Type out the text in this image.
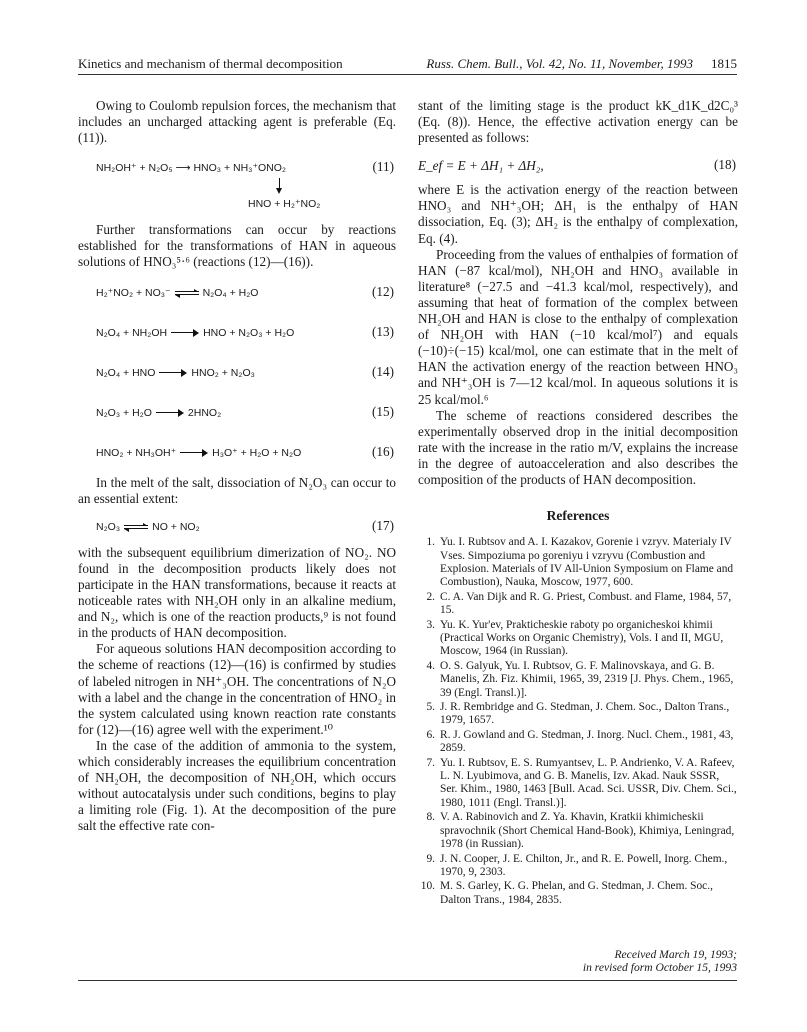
Kinetics and mechanism of thermal decomposition	Russ. Chem. Bull., Vol. 42, No. 11, November, 1993 1815

Owing to Coulomb repulsion forces, the mechanism that includes an uncharged attacking agent is preferable (Eq. (11)).

NH₂OH⁺ + N₂O₅ ⟶ HNO₃ + NH₃⁺ONO₂	(11)
HNO + H₂⁺NO₂

Further transformations can occur by reactions established for the transformations of HAN in aqueous solutions of HNO₃⁵·⁶ (reactions (12)—(16)).

H₂⁺NO₂ + NO₃⁻ ⇌ N₂O₄ + H₂O	(12)
N₂O₄ + NH₂OH	HNO + N₂O₃ + H₂O	(13)
N₂O₄ + HNO	HNO₂ + N₂O₃	(14)
N₂O₃ + H₂O	2HNO₂	(15)
HNO₂ + NH₃OH⁺	H₃O⁺ + H₂O + N₂O	(16)

In the melt of the salt, dissociation of N₂O₃ can occur to an essential extent:

N₂O₃ ⇌ NO + NO₂	(17)

with the subsequent equilibrium dimerization of NO₂. NO found in the decomposition products likely does not participate in the HAN transformations, because it reacts at noticeable rates with NH₂OH only in an alkaline medium, and N₂, which is one of the reaction products,⁹ is not found in the products of HAN decomposition.

For aqueous solutions HAN decomposition according to the scheme of reactions (12)—(16) is confirmed by studies of labeled nitrogen in NH⁺₃OH. The concentrations of N₂O with a label and the change in the concentration of HNO₂ in the system calculated using known reaction rate constants for (12)—(16) agree well with the experiment.¹⁰

In the case of the addition of ammonia to the system, which considerably increases the equilibrium concentration of NH₂OH, the decomposition of NH₂OH, which occurs without autocatalysis under such conditions, begins to play a limiting role (Fig. 1). At the decomposition of the pure salt the effective rate con-

stant of the limiting stage is the product kK_d1K_d2C₀³ (Eq. (8)). Hence, the effective activation energy can be presented as follows:

E_ef = E + ΔH₁ + ΔH₂,	(18)

where E is the activation energy of the reaction between HNO₃ and NH⁺₃OH; ΔH₁ is the enthalpy of HAN dissociation, Eq. (3); ΔH₂ is the enthalpy of complexation, Eq. (4).

Proceeding from the values of enthalpies of formation of HAN (−87 kcal/mol), NH₂OH and HNO₃ available in literature⁸ (−27.5 and −41.3 kcal/mol, respectively), and assuming that heat of formation of the complex between NH₂OH and HAN is close to the enthalpy of complexation of NH₂OH with HAN (−10 kcal/mol⁷) and equals (−10)÷(−15) kcal/mol, one can estimate that in the melt of HAN the activation energy of the reaction between HNO₃ and NH⁺₃OH is 7—12 kcal/mol. In aqueous solutions it is 25 kcal/mol.⁶

The scheme of reactions considered describes the experimentally observed drop in the initial decomposition rate with the increase in the ratio m/V, explains the increase in the degree of autoacceleration and also describes the composition of the products of HAN decomposition.

References
1. Yu. I. Rubtsov and A. I. Kazakov, Gorenie i vzryv. Materialy IV Vses. Simpoziuma po goreniyu i vzryvu (Combustion and Explosion. Materials of IV All-Union Symposium on Flame and Combustion), Nauka, Moscow, 1977, 600.
2. C. A. Van Dijk and R. G. Priest, Combust. and Flame, 1984, 57, 15.
3. Yu. K. Yur'ev, Prakticheskie raboty po organicheskoi khimii (Practical Works on Organic Chemistry), Vols. I and II, MGU, Moscow, 1964 (in Russian).
4. O. S. Galyuk, Yu. I. Rubtsov, G. F. Malinovskaya, and G. B. Manelis, Zh. Fiz. Khimii, 1965, 39, 2319 [J. Phys. Chem., 1965, 39 (Engl. Transl.)].
5. J. R. Rembridge and G. Stedman, J. Chem. Soc., Dalton Trans., 1979, 1657.
6. R. J. Gowland and G. Stedman, J. Inorg. Nucl. Chem., 1981, 43, 2859.
7. Yu. I. Rubtsov, E. S. Rumyantsev, L. P. Andrienko, V. A. Rafeev, L. N. Lyubimova, and G. B. Manelis, Izv. Akad. Nauk SSSR, Ser. Khim., 1980, 1463 [Bull. Acad. Sci. USSR, Div. Chem. Sci., 1980, 1011 (Engl. Transl.)].
8. V. A. Rabinovich and Z. Ya. Khavin, Kratkii khimicheskii spravochnik (Short Chemical Hand-Book), Khimiya, Leningrad, 1978 (in Russian).
9. J. N. Cooper, J. E. Chilton, Jr., and R. E. Powell, Inorg. Chem., 1970, 9, 2303.
10. M. S. Garley, K. G. Phelan, and G. Stedman, J. Chem. Soc., Dalton Trans., 1984, 2835.
Received March 19, 1993;
in revised form October 15, 1993
